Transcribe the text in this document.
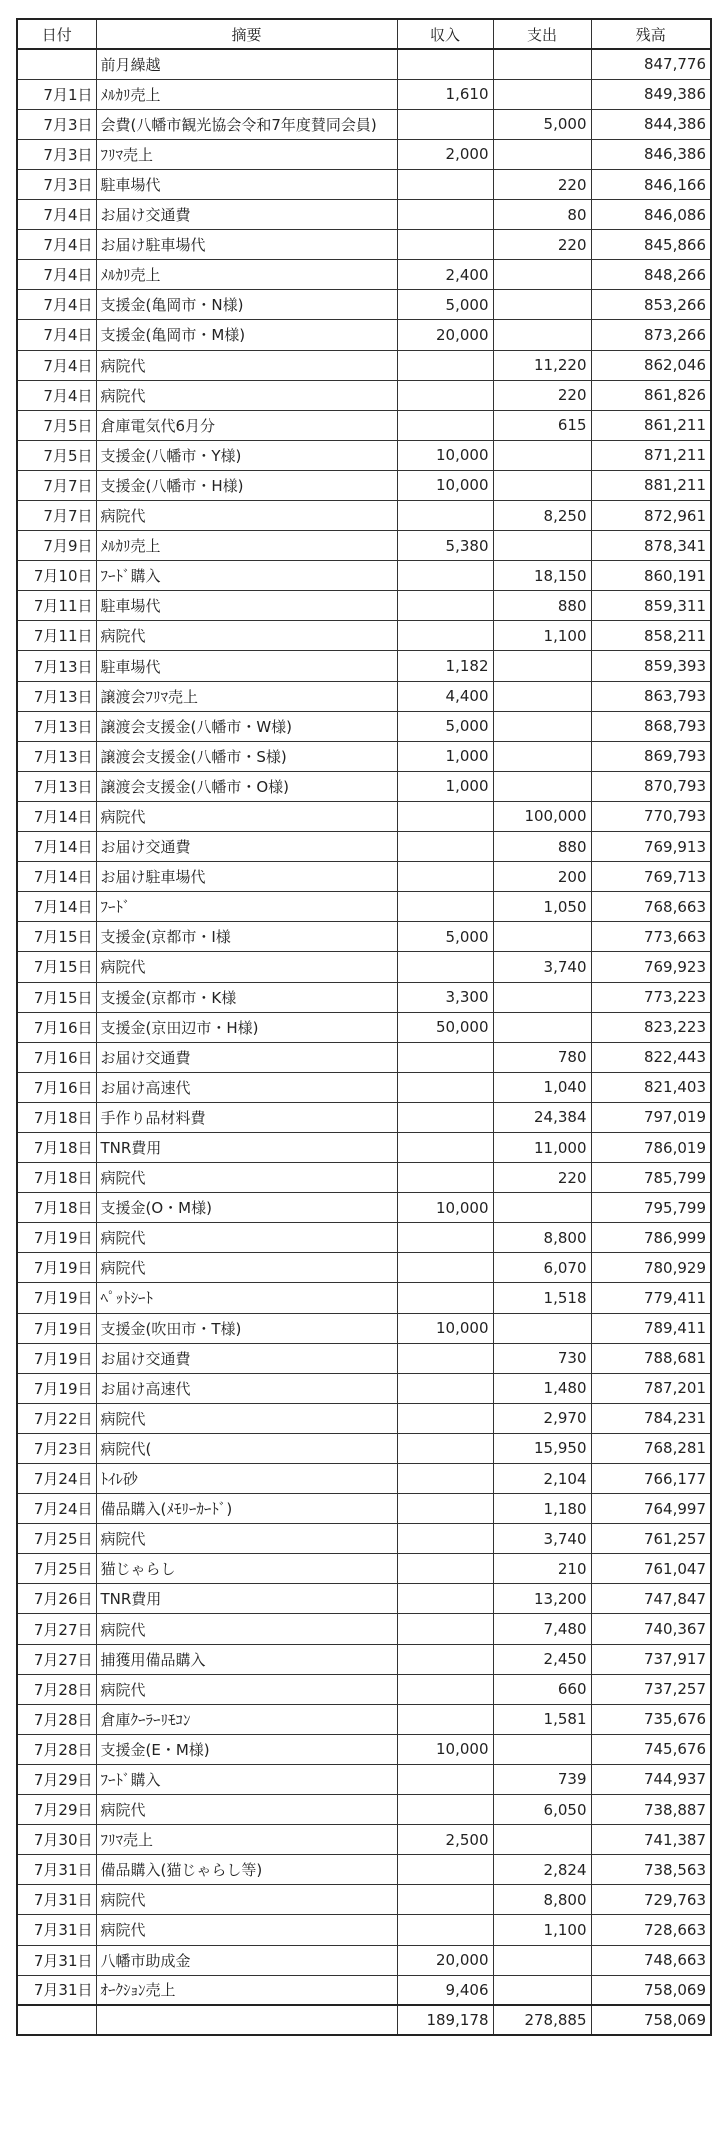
日付	摘要	収入	支出	残高
	前月繰越			847,776
7月1日	ﾒﾙｶﾘ売上	1,610		849,386
7月3日	会費(八幡市観光協会令和7年度賛同会員)		5,000	844,386
7月3日	ﾌﾘﾏ売上	2,000		846,386
7月3日	駐車場代		220	846,166
7月4日	お届け交通費		80	846,086
7月4日	お届け駐車場代		220	845,866
7月4日	ﾒﾙｶﾘ売上	2,400		848,266
7月4日	支援金(亀岡市・N様)	5,000		853,266
7月4日	支援金(亀岡市・M様)	20,000		873,266
7月4日	病院代		11,220	862,046
7月4日	病院代		220	861,826
7月5日	倉庫電気代6月分		615	861,211
7月5日	支援金(八幡市・Y様)	10,000		871,211
7月7日	支援金(八幡市・H様)	10,000		881,211
7月7日	病院代		8,250	872,961
7月9日	ﾒﾙｶﾘ売上	5,380		878,341
7月10日	ﾌｰﾄﾞ購入		18,150	860,191
7月11日	駐車場代		880	859,311
7月11日	病院代		1,100	858,211
7月13日	駐車場代	1,182		859,393
7月13日	譲渡会ﾌﾘﾏ売上	4,400		863,793
7月13日	譲渡会支援金(八幡市・W様)	5,000		868,793
7月13日	譲渡会支援金(八幡市・S様)	1,000		869,793
7月13日	譲渡会支援金(八幡市・O様)	1,000		870,793
7月14日	病院代		100,000	770,793
7月14日	お届け交通費		880	769,913
7月14日	お届け駐車場代		200	769,713
7月14日	ﾌｰﾄﾞ		1,050	768,663
7月15日	支援金(京都市・I様	5,000		773,663
7月15日	病院代		3,740	769,923
7月15日	支援金(京都市・K様	3,300		773,223
7月16日	支援金(京田辺市・H様)	50,000		823,223
7月16日	お届け交通費		780	822,443
7月16日	お届け高速代		1,040	821,403
7月18日	手作り品材料費		24,384	797,019
7月18日	TNR費用		11,000	786,019
7月18日	病院代		220	785,799
7月18日	支援金(O・M様)	10,000		795,799
7月19日	病院代		8,800	786,999
7月19日	病院代		6,070	780,929
7月19日	ﾍﾟｯﾄｼｰﾄ		1,518	779,411
7月19日	支援金(吹田市・T様)	10,000		789,411
7月19日	お届け交通費		730	788,681
7月19日	お届け高速代		1,480	787,201
7月22日	病院代		2,970	784,231
7月23日	病院代(		15,950	768,281
7月24日	ﾄｲﾚ砂		2,104	766,177
7月24日	備品購入(ﾒﾓﾘｰｶｰﾄﾞ)		1,180	764,997
7月25日	病院代		3,740	761,257
7月25日	猫じゃらし		210	761,047
7月26日	TNR費用		13,200	747,847
7月27日	病院代		7,480	740,367
7月27日	捕獲用備品購入		2,450	737,917
7月28日	病院代		660	737,257
7月28日	倉庫ｸｰﾗｰﾘﾓｺﾝ		1,581	735,676
7月28日	支援金(E・M様)	10,000		745,676
7月29日	ﾌｰﾄﾞ購入		739	744,937
7月29日	病院代		6,050	738,887
7月30日	ﾌﾘﾏ売上	2,500		741,387
7月31日	備品購入(猫じゃらし等)		2,824	738,563
7月31日	病院代		8,800	729,763
7月31日	病院代		1,100	728,663
7月31日	八幡市助成金	20,000		748,663
7月31日	ｵｰｸｼｮﾝ売上	9,406		758,069
		189,178	278,885	758,069
